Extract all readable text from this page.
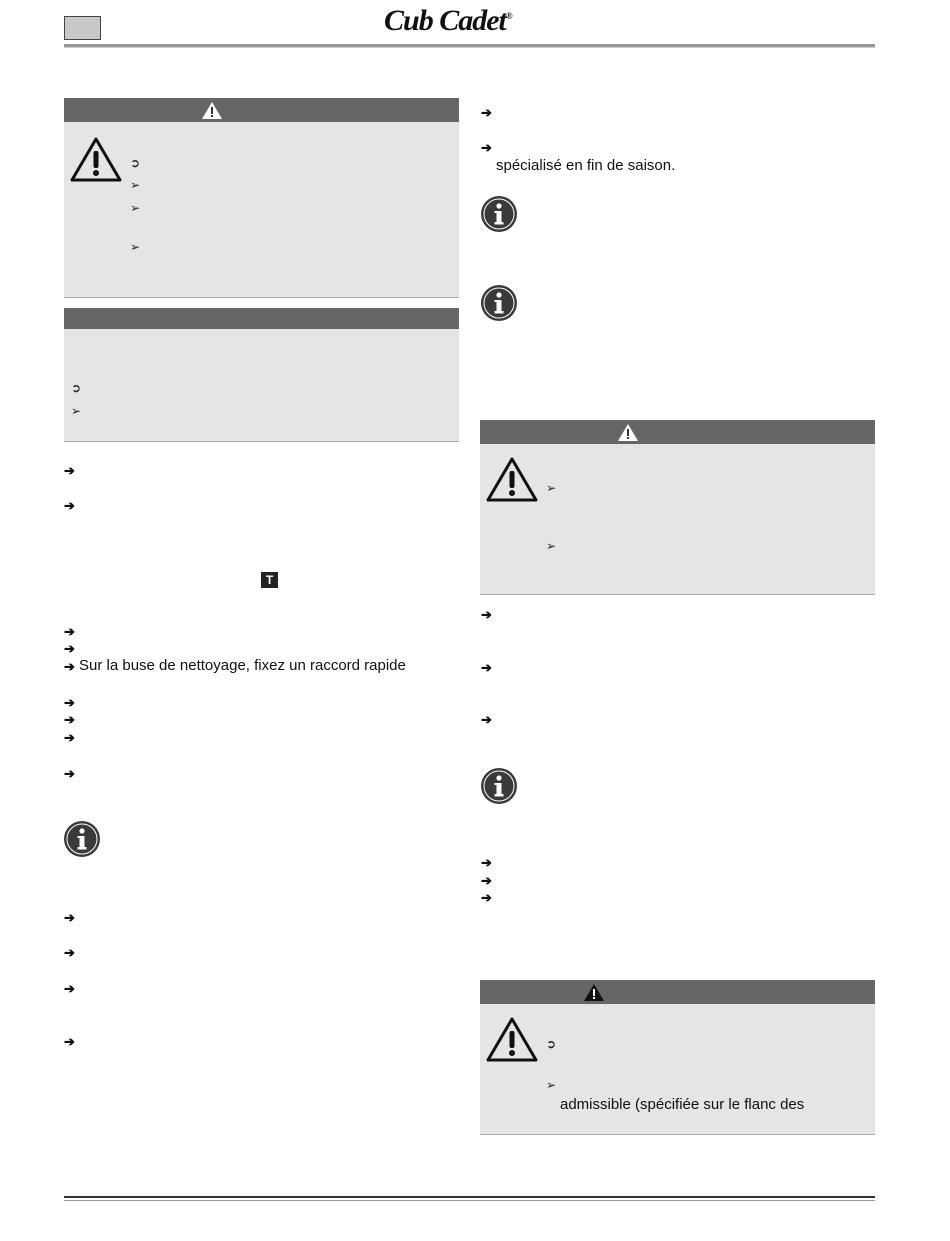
Cub Cadet®
➲
➢
➢
➢
➲
➢
➔
➔
T
➔
➔
➔ Sur la buse de nettoyage, fixez un raccord rapide
➔
➔
➔
➔
➔
➔
➔
➔
➔
➔
spécialisé en fin de saison.
➢
➢
➔
➔
➔
➔
➔
➔
➲
➢
admissible (spécifiée sur le flanc des
